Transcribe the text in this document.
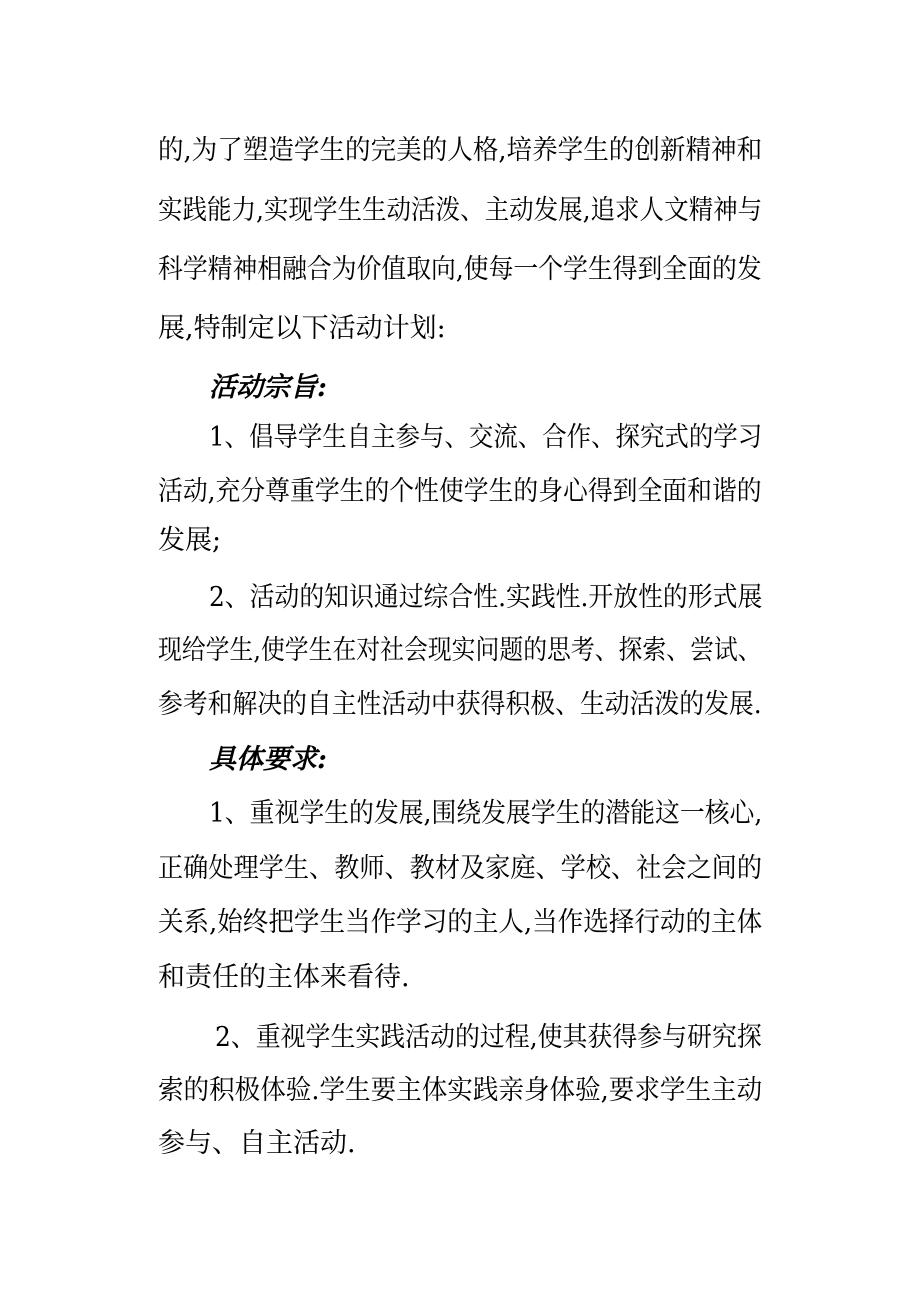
的,为了塑造学生的完美的人格,培养学生的创新精神和
实践能力,实现学生生动活泼、主动发展,追求人文精神与
科学精神相融合为价值取向,使每一个学生得到全面的发
展,特制定以下活动计划:
活动宗旨:
1、倡导学生自主参与、交流、合作、探究式的学习
活动,充分尊重学生的个性使学生的身心得到全面和谐的
发展;
2、活动的知识通过综合性.实践性.开放性的形式展
现给学生,使学生在对社会现实问题的思考、探索、尝试、
参考和解决的自主性活动中获得积极、生动活泼的发展.
具体要求:
1、重视学生的发展,围绕发展学生的潜能这一核心,
正确处理学生、教师、教材及家庭、学校、社会之间的
关系,始终把学生当作学习的主人,当作选择行动的主体
和责任的主体来看待.
2、重视学生实践活动的过程,使其获得参与研究探
索的积极体验.学生要主体实践亲身体验,要求学生主动
参与、自主活动.
